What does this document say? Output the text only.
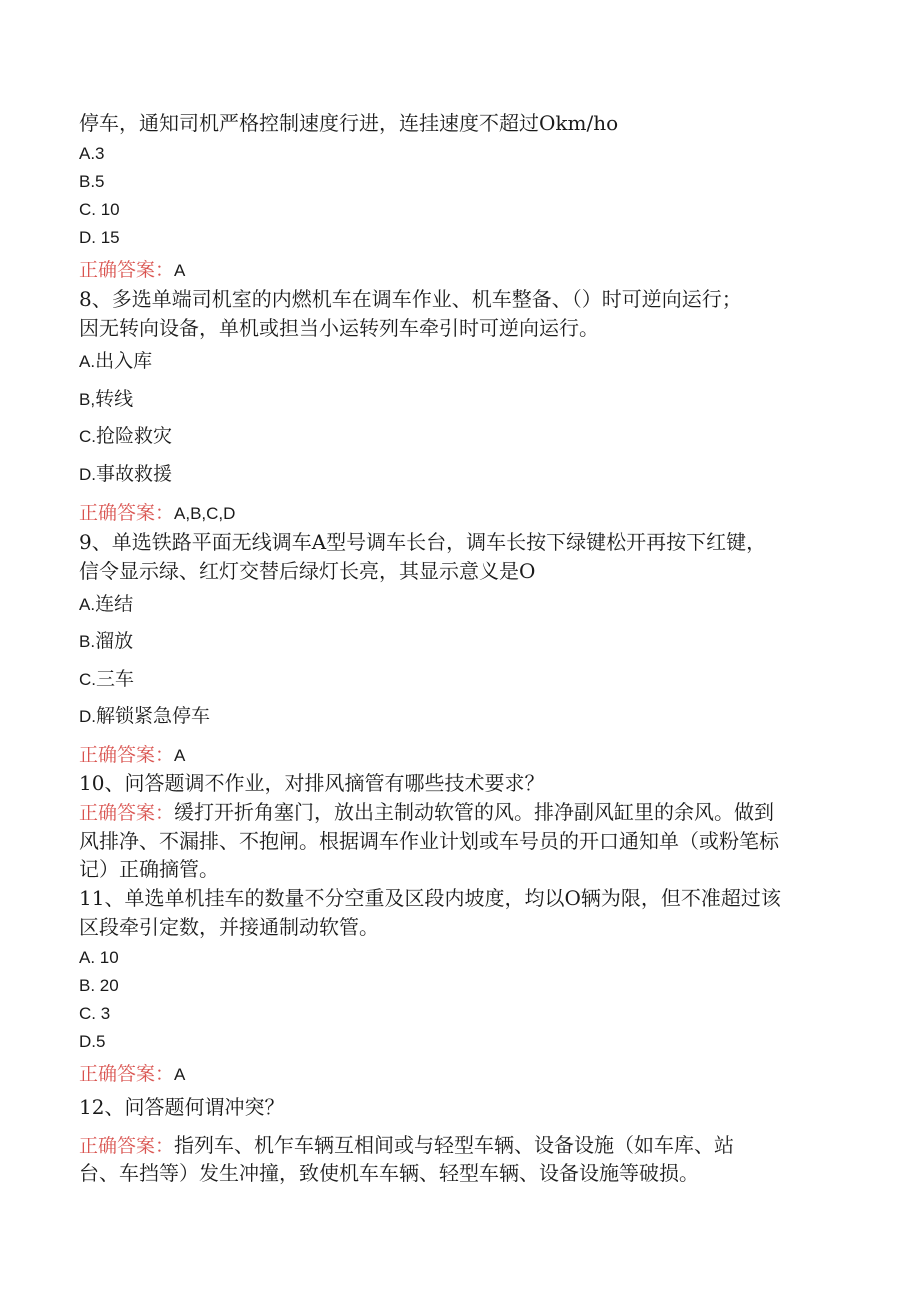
停车，通知司机严格控制速度行进，连挂速度不超过Okm/ho
A.3
B.5
C. 10
D. 15
正确答案：A
8、多选单端司机室的内燃机车在调车作业、机车整备、（）时可逆向运行；
因无转向设备，单机或担当小运转列车牵引时可逆向运行。
A.出入库
B,转线
C.抢险救灾
D.事故救援
正确答案：A,B,C,D
9、单选铁路平面无线调车A型号调车长台，调车长按下绿键松开再按下红键，
信令显示绿、红灯交替后绿灯长亮，其显示意义是O
A.连结
B.溜放
C.三车
D.解锁紧急停车
正确答案：A
10、问答题调不作业，对排风摘管有哪些技术要求？
正确答案：缓打开折角塞门，放出主制动软管的风。排净副风缸里的余风。做到
风排净、不漏排、不抱闸。根据调车作业计划或车号员的开口通知单（或粉笔标
记）正确摘管。
11、单选单机挂车的数量不分空重及区段内坡度，均以O辆为限，但不准超过该
区段牵引定数，并接通制动软管。
A. 10
B. 20
C. 3
D.5
正确答案：A
12、问答题何谓冲突？
正确答案：指列车、机乍车辆互相间或与轻型车辆、设备设施（如车库、站
台、车挡等）发生冲撞，致使机车车辆、轻型车辆、设备设施等破损。
